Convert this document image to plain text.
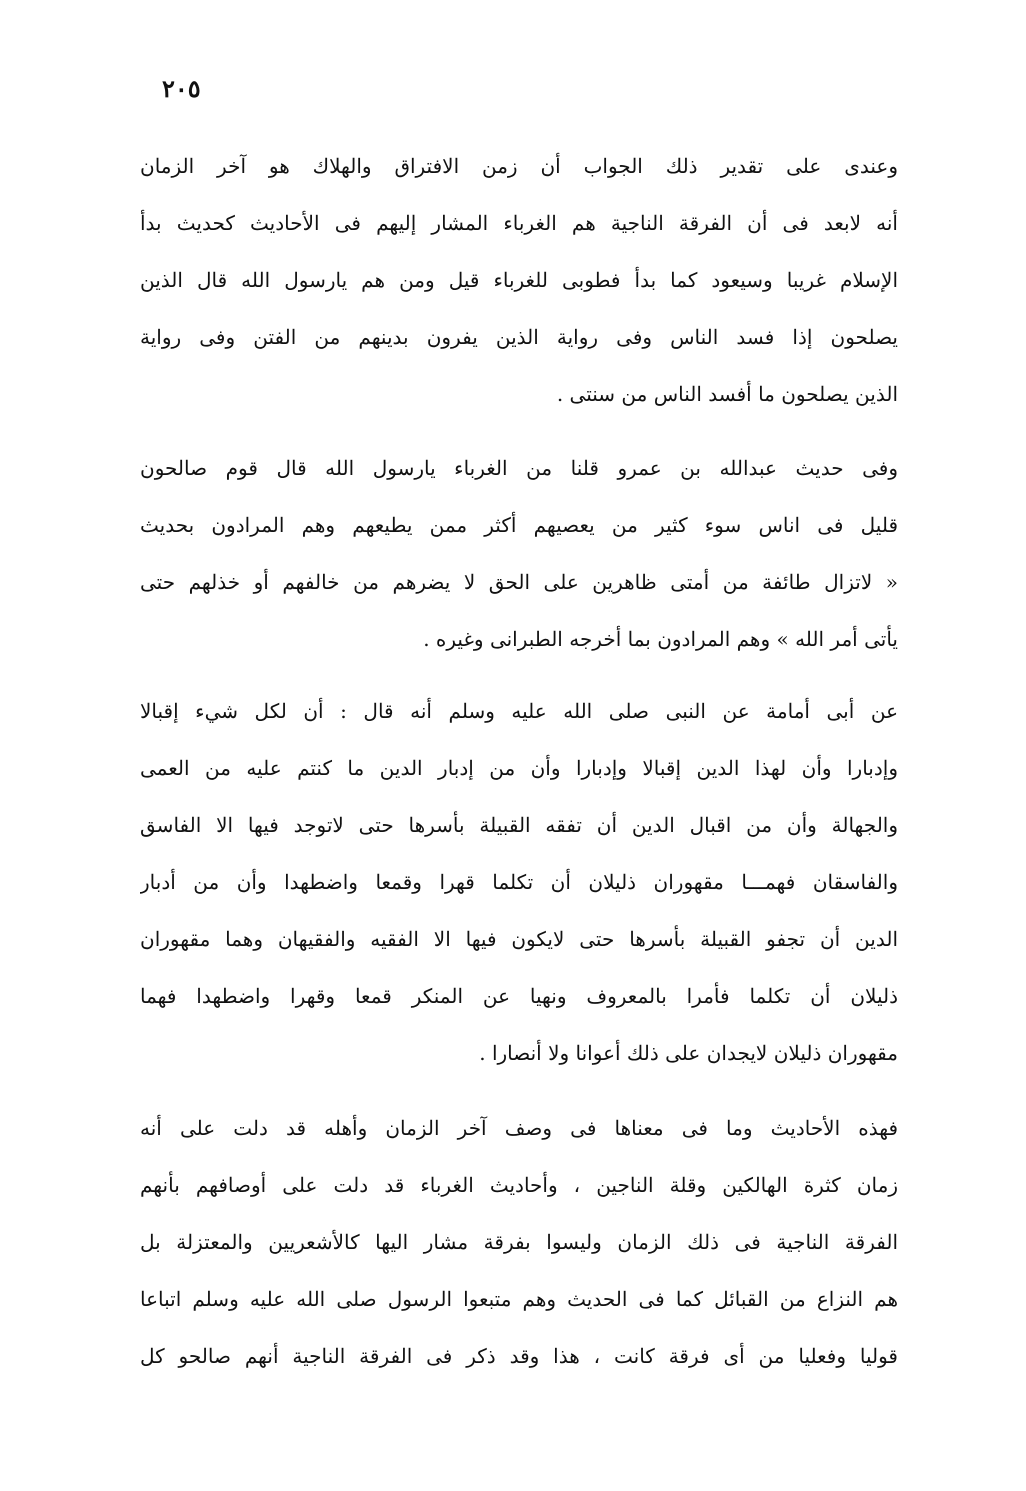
٢٠٥
وعندى على تقدير ذلك الجواب أن زمن الافتراق والهلاك هو آخر الزمان
أنه لابعد فى أن الفرقة الناجية هم الغرباء المشار إليهم فى الأحاديث كحديث بدأ
الإسلام غريبا وسيعود كما بدأ فطوبى للغرباء قيل ومن هم يارسول الله قال الذين
يصلحون إذا فسد الناس وفى رواية الذين يفرون بدينهم من الفتن وفى رواية
الذين يصلحون ما أفسد الناس من سنتى .
وفى حديث عبدالله بن عمرو قلنا من الغرباء يارسول الله قال قوم صالحون
قليل فى اناس سوء كثير من يعصيهم أكثر ممن يطيعهم وهم المرادون بحديث
« لاتزال طائفة من أمتى ظاهرين على الحق لا يضرهم من خالفهم أو خذلهم حتى
يأتى أمر الله » وهم المرادون بما أخرجه الطبرانى وغيره .
عن أبى أمامة عن النبى صلى الله عليه وسلم أنه قال : أن لكل شيء إقبالا
وإدبارا وأن لهذا الدين إقبالا وإدبارا وأن من إدبار الدين ما كنتم عليه من العمى
والجهالة وأن من اقبال الدين أن تفقه القبيلة بأسرها حتى لاتوجد فيها الا الفاسق
والفاسقان فهمـــا مقهوران ذليلان أن تكلما قهرا وقمعا واضطهدا وأن من أدبار
الدين أن تجفو القبيلة بأسرها حتى لايكون فيها الا الفقيه والفقيهان وهما مقهوران
ذليلان أن تكلما فأمرا بالمعروف ونهيا عن المنكر قمعا وقهرا واضطهدا فهما
مقهوران ذليلان لايجدان على ذلك أعوانا ولا أنصارا .
فهذه الأحاديث وما فى معناها فى وصف آخر الزمان وأهله قد دلت على أنه
زمان كثرة الهالكين وقلة الناجين ، وأحاديث الغرباء قد دلت على أوصافهم بأنهم
الفرقة الناجية فى ذلك الزمان وليسوا بفرقة مشار اليها كالأشعريين والمعتزلة بل
هم النزاع من القبائل كما فى الحديث وهم متبعوا الرسول صلى الله عليه وسلم اتباعا
قوليا وفعليا من أى فرقة كانت ، هذا وقد ذكر فى الفرقة الناجية أنهم صالحو كل
